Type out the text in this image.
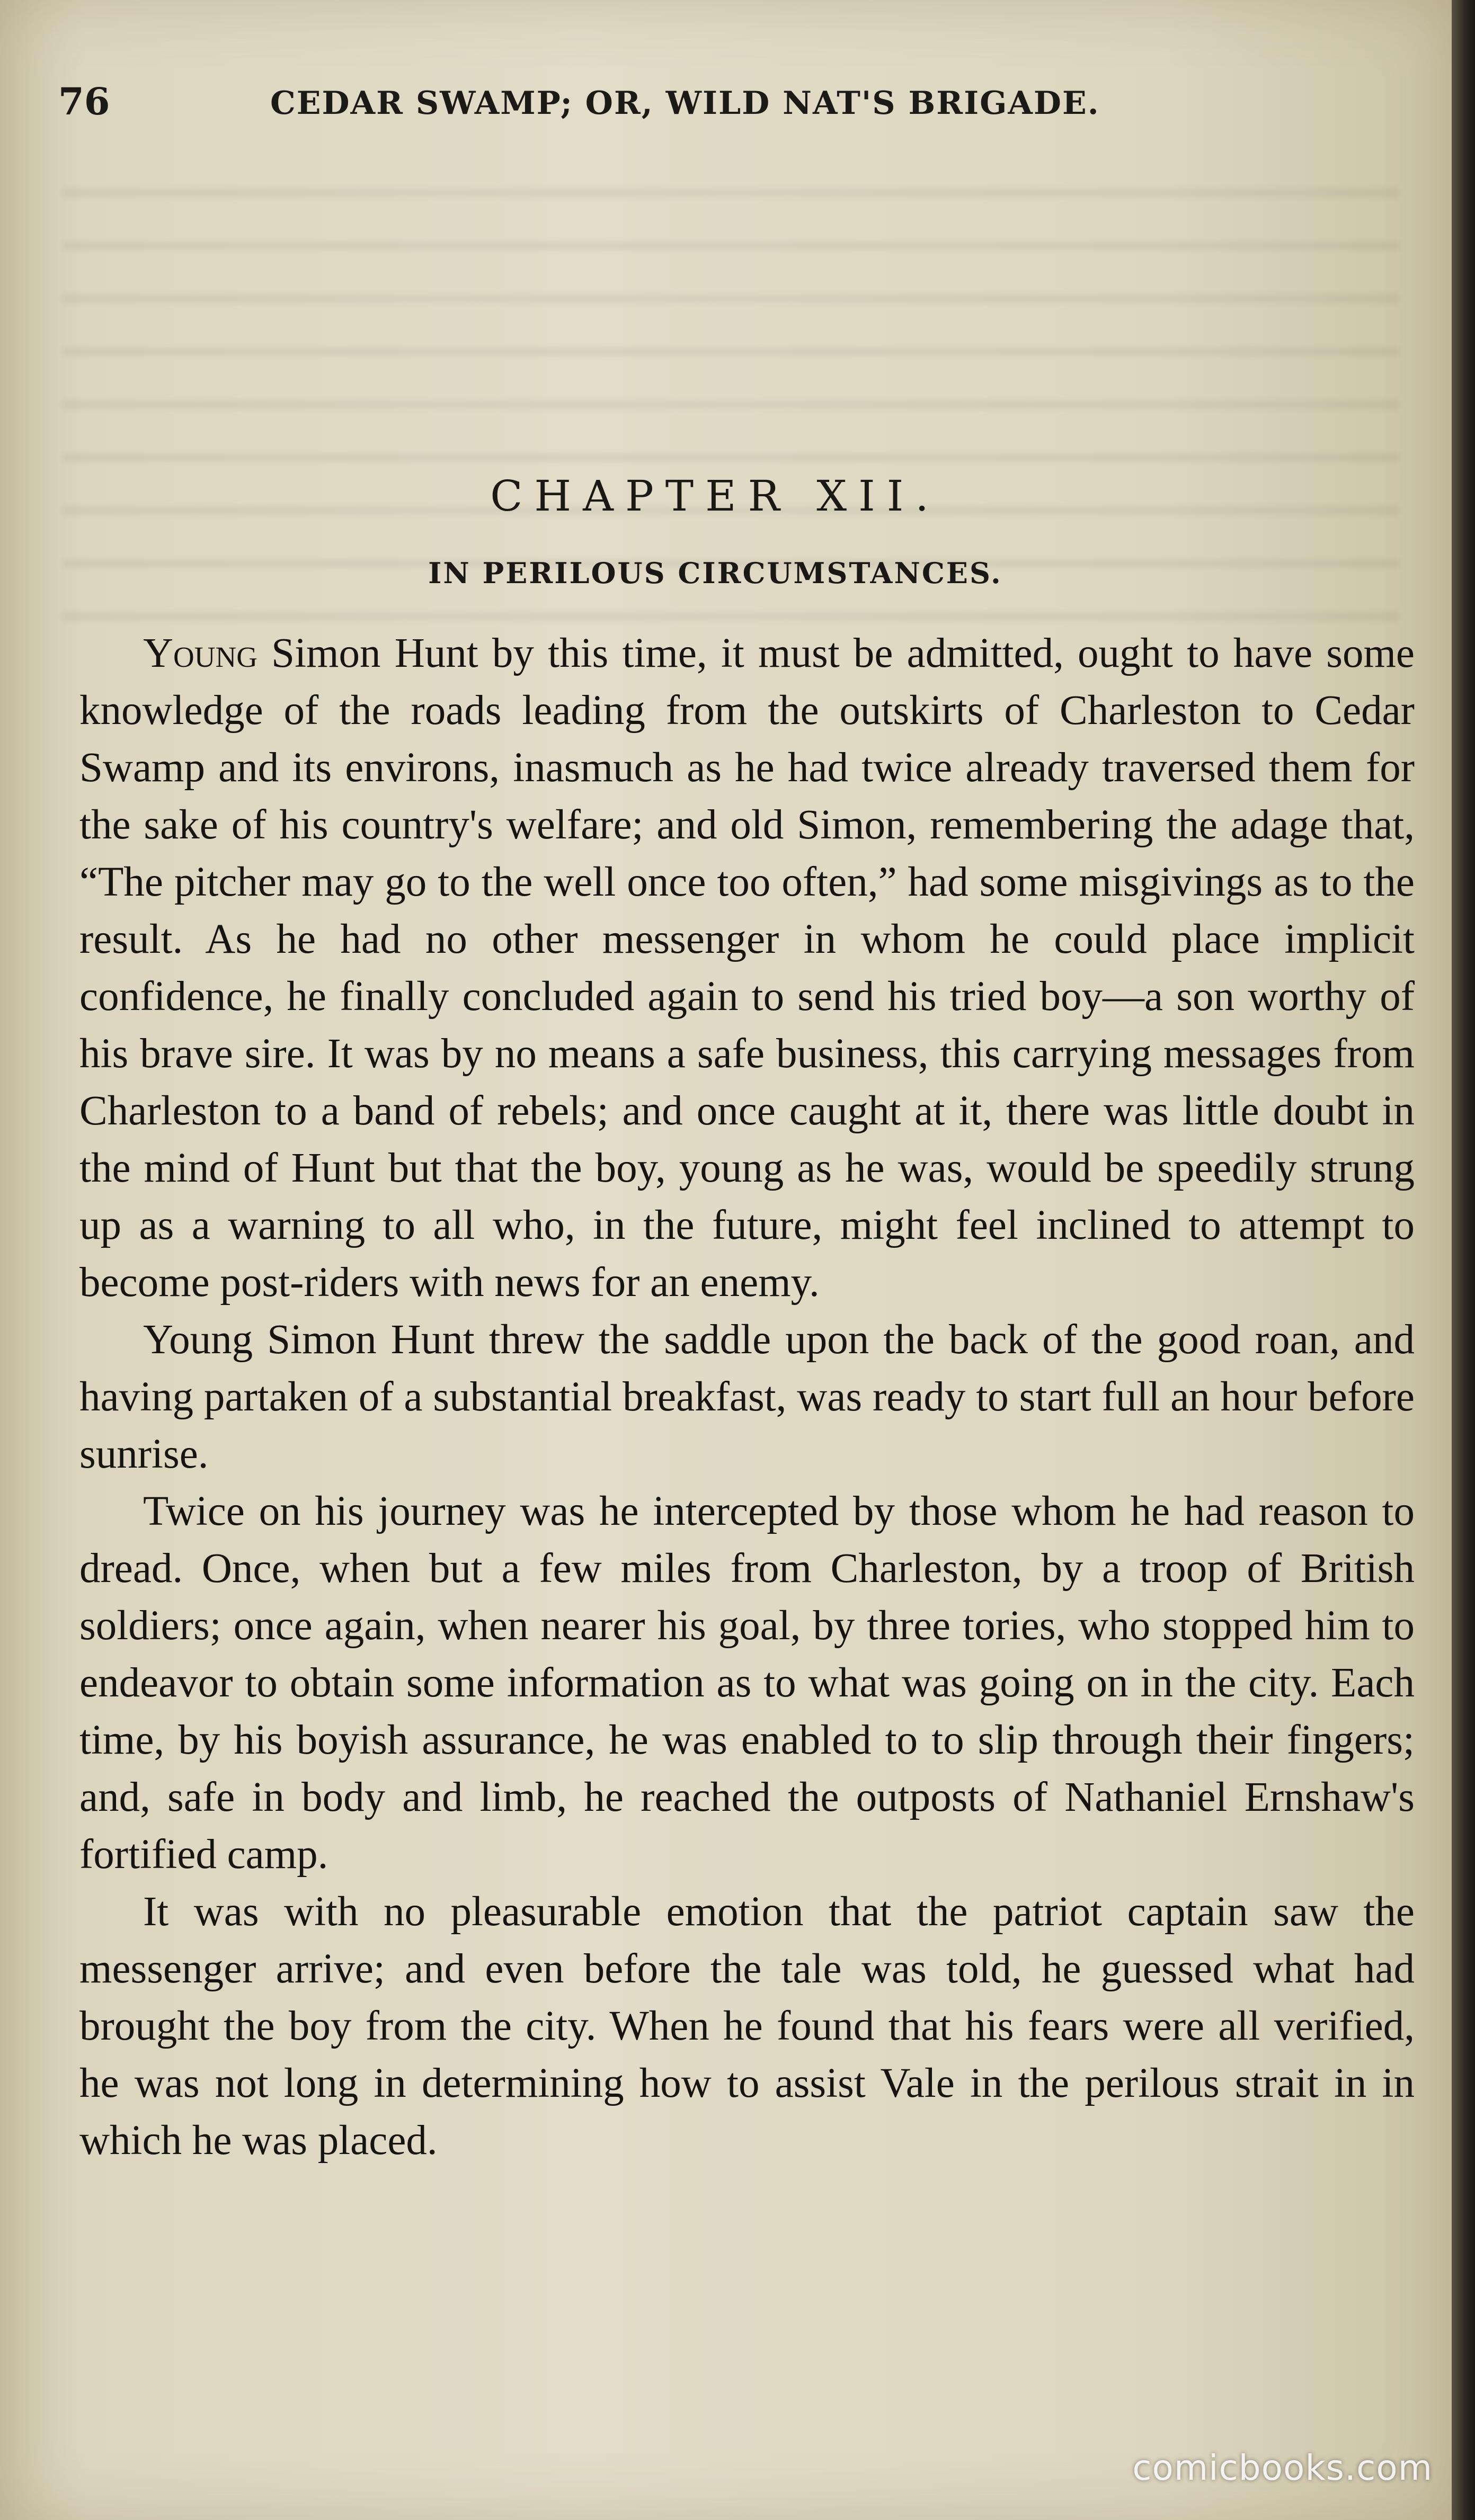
76	CEDAR SWAMP; OR, WILD NAT'S BRIGADE.
CHAPTER XII.
IN PERILOUS CIRCUMSTANCES.

Young Simon Hunt by this time, it must be admitted, ought to have some knowledge of the roads leading from the outskirts of Charleston to Cedar Swamp and its environs, inasmuch as he had twice already traversed them for the sake of his country's welfare; and old Simon, remembering the adage that, “The pitcher may go to the well once too often,” had some misgivings as to the result. As he had no other messenger in whom he could place implicit confidence, he finally concluded again to send his tried boy—a son worthy of his brave sire. It was by no means a safe business, this carrying messages from Charleston to a band of rebels; and once caught at it, there was little doubt in the mind of Hunt but that the boy, young as he was, would be speedily strung up as a warning to all who, in the future, might feel inclined to attempt to become post-riders with news for an enemy.

Young Simon Hunt threw the saddle upon the back of the good roan, and having partaken of a substantial breakfast, was ready to start full an hour before sunrise.

Twice on his journey was he intercepted by those whom he had reason to dread. Once, when but a few miles from Charleston, by a troop of British soldiers; once again, when nearer his goal, by three tories, who stopped him to endeavor to obtain some information as to what was going on in the city. Each time, by his boyish assurance, he was enabled to to slip through their fingers; and, safe in body and limb, he reached the outposts of Nathaniel Ernshaw's fortified camp.

It was with no pleasurable emotion that the patriot captain saw the messenger arrive; and even before the tale was told, he guessed what had brought the boy from the city. When he found that his fears were all verified, he was not long in determining how to assist Vale in the perilous strait in in which he was placed.

comicbooks.com
